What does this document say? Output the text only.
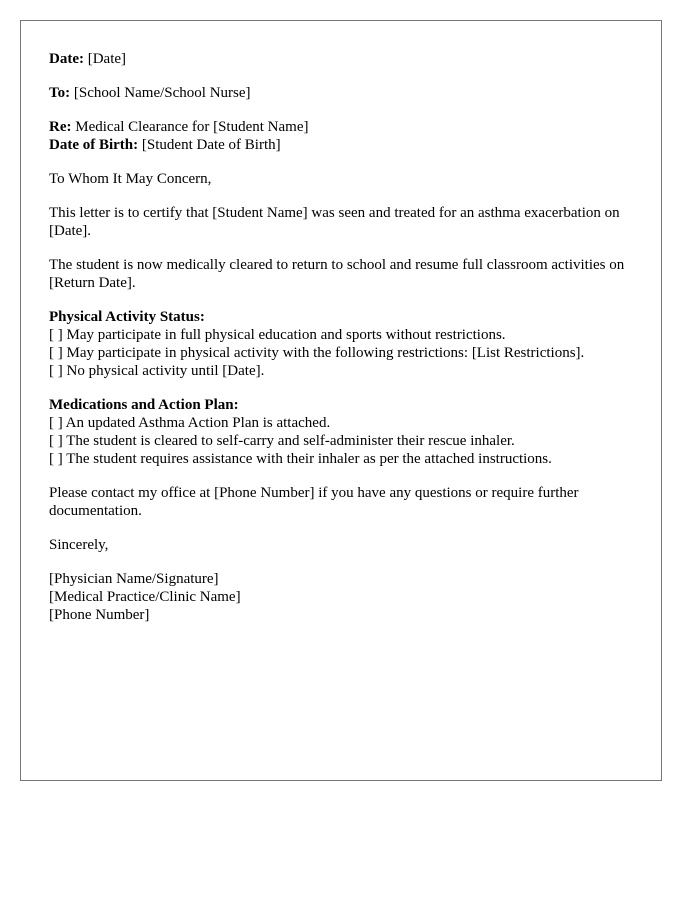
Date: [Date]

To: [School Name/School Nurse]

Re: Medical Clearance for [Student Name]
Date of Birth: [Student Date of Birth]

To Whom It May Concern,

This letter is to certify that [Student Name] was seen and treated for an asthma exacerbation on [Date].

The student is now medically cleared to return to school and resume full classroom activities on [Return Date].

Physical Activity Status:
[ ] May participate in full physical education and sports without restrictions.
[ ] May participate in physical activity with the following restrictions: [List Restrictions].
[ ] No physical activity until [Date].

Medications and Action Plan:
[ ] An updated Asthma Action Plan is attached.
[ ] The student is cleared to self-carry and self-administer their rescue inhaler.
[ ] The student requires assistance with their inhaler as per the attached instructions.

Please contact my office at [Phone Number] if you have any questions or require further documentation.

Sincerely,

[Physician Name/Signature]
[Medical Practice/Clinic Name]
[Phone Number]
